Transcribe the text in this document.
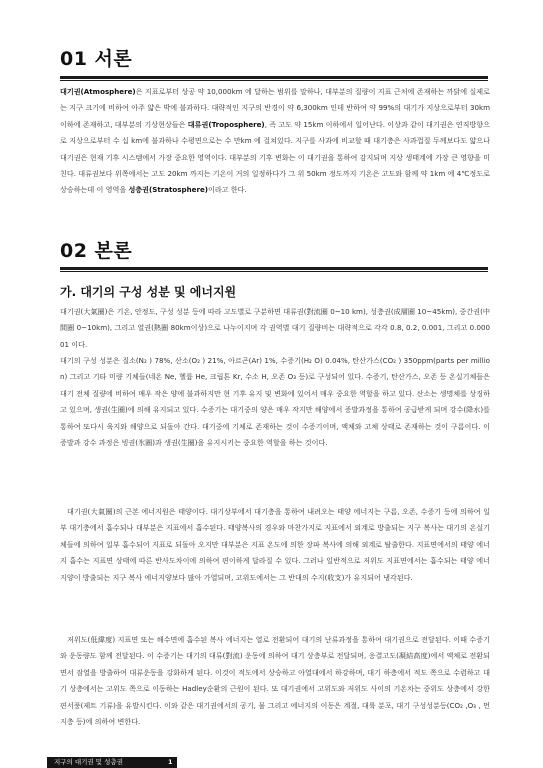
01 서론

대기권(Atmosphere)은 지표로부터 상공 약 10,000km 에 달하는 범위를 말하나, 대부분의 질량이 지표 근처에 존재하는 까닭에 실제로는 지구 크기에 비하여 아주 얇은 박에 불과하다. 대략적인 지구의 반경이 약 6,300km 인데 반하여 약 99%의 대기가 지상으로부터 30km 이하에 존재하고, 대부분의 기상현상들은 대류권(Troposphere), 즉 고도 약 15km 이하에서 일어난다. 이상과 같이 대기권은 연직방향으로 지상으로부터 수 십 km에 불과하나 수평면으로는 수 만km 에 걸쳐있다. 지구를 사과에 비교할 때 대기층은 사과껍질 두께보다도 얇으나 대기권은 현재 기후 시스템에서 가장 중요한 영역이다. 대부분의 기후 변화는 이 대기권을 통하여 감지되며 지상 생태계에 가장 큰 영향을 미친다. 대류권보다 위쪽에서는 고도 20km 까지는 기온이 거의 일정하다가 그 위 50km 정도까지 기온은 고도와 함께 약 1km 에 4℃정도로 상승하는데 이 영역을 성층권(Stratosphere)이라고 한다.

02 본론
가. 대기의 구성 성분 및 에너지원

대기권(大氣圈)은 기온, 안정도, 구성 성분 등에 따라 고도별로 구분하면 대류권(對流圈 0~10 km), 성층권(成層圈 10~45km), 중간권(中間圈 0~10km), 그리고 열권(熱圈 80km이상)으로 나누이지며 각 권역별 대기 질량비는 대략적으로 각각 0.8, 0.2, 0.001, 그리고 0.00001 이다.

대기의 구성 성분은 질소(N₂ ) 78%, 산소(O₂ ) 21%, 아르곤(Ar) 1%, 수증기(H₂ O) 0.04%, 탄산가스(CO₂ ) 350ppm(parts per million) 그리고 기타 미량 기체들(네온 Ne, 헬륨 He, 크립톤 Kr, 수소 H, 오존 O₃ 등)로 구성되어 있다. 수증기, 탄산가스, 오존 등 온실기체들은 대기 전체 질량에 비하여 매우 작은 양에 불과하지만 현 기후 유지 및 변화에 있어서 매우 중요한 역할을 하고 있다. 산소는 생명체를 상징하고 있으며, 생권(生圈)에 의해 유지되고 있다. 수증기는 대기중의 양은 매우 작지만 해양에서 증발과정을 통하여 공급받게 되며 강수(降水)를 통하여 또다시 육지와 해양으로 되돌아 간다. 대기중에 기체로 존재하는 것이 수증기이며, 액체와 고체 상태로 존재하는 것이 구름이다. 이 증발과 강수 과정은 빙권(氷圈)과 생권(生圈)을 유지시키는 중요한 역할을 하는 것이다.

대기권(大氣圈)의 근본 에너지원은 태양이다. 대기상부에서 대기층을 통하여 내려오는 태양 에너지는 구름, 오존, 수증기 등에 의하여 일부 대기층에서 흡수되나 대부분은 지표에서 흡수된다. 태양복사의 경우와 마찬가지로 지표에서 외계로 방출되는 지구 복사는 대기의 온실기체들에 의하여 일부 흡수되어 지표로 되돌아 오지만 대부분은 지표 온도에 의한 장파 복사에 의해 외계로 탈출한다. 지표면에서의 태양 에너지 흡수는 지표면 상태에 따른 반사도차이에 의하여 편이하게 달라질 수 있다. 그러나 일반적으로 저위도 지표면에서는 흡수되는 태양 에너지양이 방출되는 지구 복사 에너지양보다 많아 가열되며, 고위도에서는 그 반대의 수지(收支)가 유지되어 냉각된다.

저위도(低緯度) 지표면 또는 해수면에 흡수된 복사 에너지는 열로 전환되어 대기의 난류과정을 통하여 대기권으로 전달된다. 이때 수증기와 운동량도 함께 전달된다. 이 수증기는 대기의 대류(對流) 운동에 의하여 대기 상층부로 전달되며, 응결고도(凝結高度)에서 액체로 전환되면서 잠열을 방출하여 대류운동을 강화하게 된다. 이것이 적도에서 상승하고 아열대에서 하강하며, 대기 하층에서 적도 쪽으로 수렴하고 대기 상층에서는 고위도 쪽으로 이동하는 Hadley순환의 근원이 된다. 또 대기권에서 고위도와 저위도 사이의 기온차는 중위도 상층에서 강한 편서풍(제트 기류)을 유발시킨다. 이와 같은 대기권에서의 공기, 물 그리고 에너지의 이동은 계절, 대륙 분포, 대기 구성성분등(CO₂ ,O₃ , 먼지층 등)에 의하여 변한다.

지구의 대기권 및 성층권	1
